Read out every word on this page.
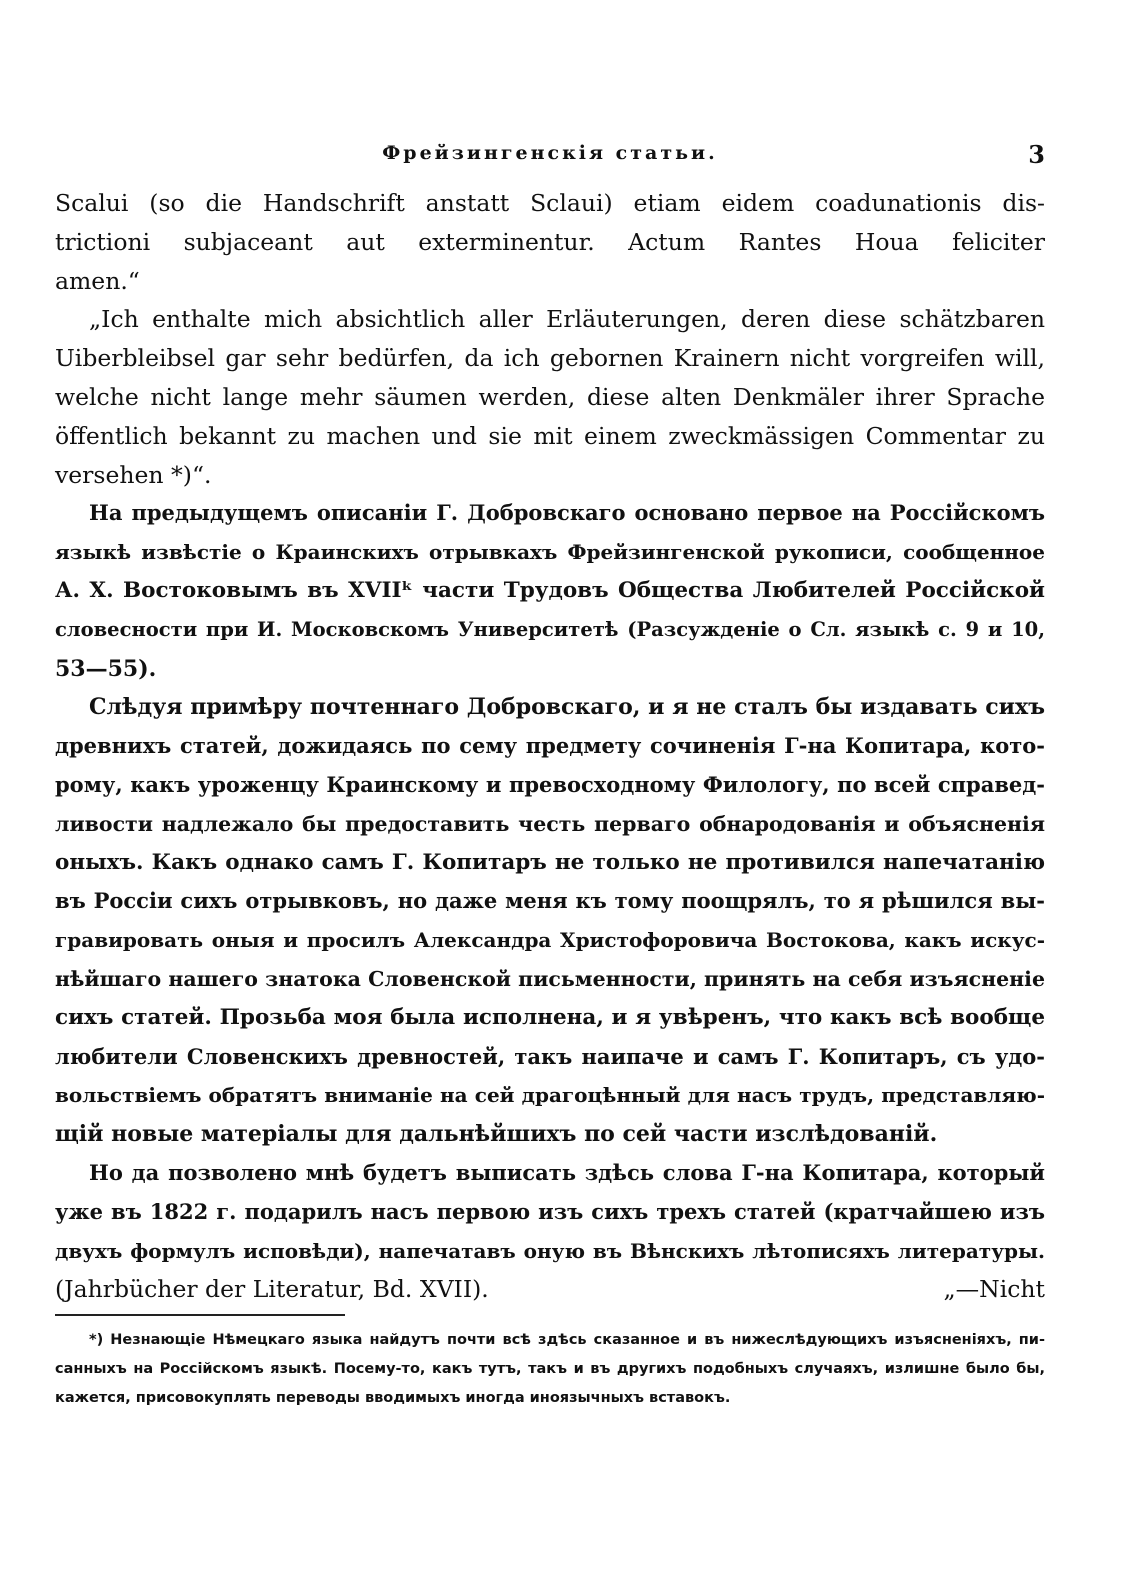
Фрейзингенскія статьи.	3
Scalui (so die Handschrift anstatt Sclaui) etiam eidem coadunationis dis-
trictioni subjaceant aut exterminentur. Actum Rantes Houa feliciter
amen.“
„Ich enthalte mich absichtlich aller Erläuterungen, deren diese schätzbaren
Uiberbleibsel gar sehr bedürfen, da ich gebornen Krainern nicht vorgreifen will,
welche nicht lange mehr säumen werden, diese alten Denkmäler ihrer Sprache
öffentlich bekannt zu machen und sie mit einem zweckmässigen Commentar zu
versehen *)“.
На предыдущемъ описаніи Г. Добровскаго основано первое на Россійскомъ
языкѣ извѣстіе о Краинскихъ отрывкахъ Фрейзингенской рукописи, сообщенное
А. Х. Востоковымъ въ XVIIᵏ части Трудовъ Общества Любителей Россійской
словесности при И. Московскомъ Университетѣ (Разсужденіе о Сл. языкѣ с. 9 и 10,
53—55).
Слѣдуя примѣру почтеннаго Добровскаго, и я не сталъ бы издавать сихъ
древнихъ статей, дожидаясь по сему предмету сочиненія Г-на Копитара, кото-
рому, какъ уроженцу Краинскому и превосходному Филологу, по всей справед-
ливости надлежало бы предоставить честь перваго обнародованія и объясненія
оныхъ. Какъ однако самъ Г. Копитаръ не только не противился напечатанію
въ Россіи сихъ отрывковъ, но даже меня къ тому поощрялъ, то я рѣшился вы-
гравировать оныя и просилъ Александра Христофоровича Востокова, какъ искус-
нѣйшаго нашего знатока Словенской письменности, принять на себя изъясненіе
сихъ статей. Прозьба моя была исполнена, и я увѣренъ, что какъ всѣ вообще
любители Словенскихъ древностей, такъ наипаче и самъ Г. Копитаръ, съ удо-
вольствіемъ обратятъ вниманіе на сей драгоцѣнный для насъ трудъ, представляю-
щій новые матеріалы для дальнѣйшихъ по сей части изслѣдованій.
Но да позволено мнѣ будетъ выписать здѣсь слова Г-на Копитара, который
уже въ 1822 г. подарилъ насъ первою изъ сихъ трехъ статей (кратчайшею изъ
двухъ формулъ исповѣди), напечатавъ оную въ Вѣнскихъ лѣтописяхъ литературы.
(Jahrbücher der Literatur, Bd. XVII).	„—Nicht
*) Незнающіе Нѣмецкаго языка найдутъ почти всѣ здѣсь сказанное и въ нижеслѣдующихъ изъясненіяхъ, пи-
санныхъ на Россійскомъ языкѣ. Посему-то, какъ тутъ, такъ и въ другихъ подобныхъ случаяхъ, излишне было бы,
кажется, присовокуплять переводы вводимыхъ иногда иноязычныхъ вставокъ.
